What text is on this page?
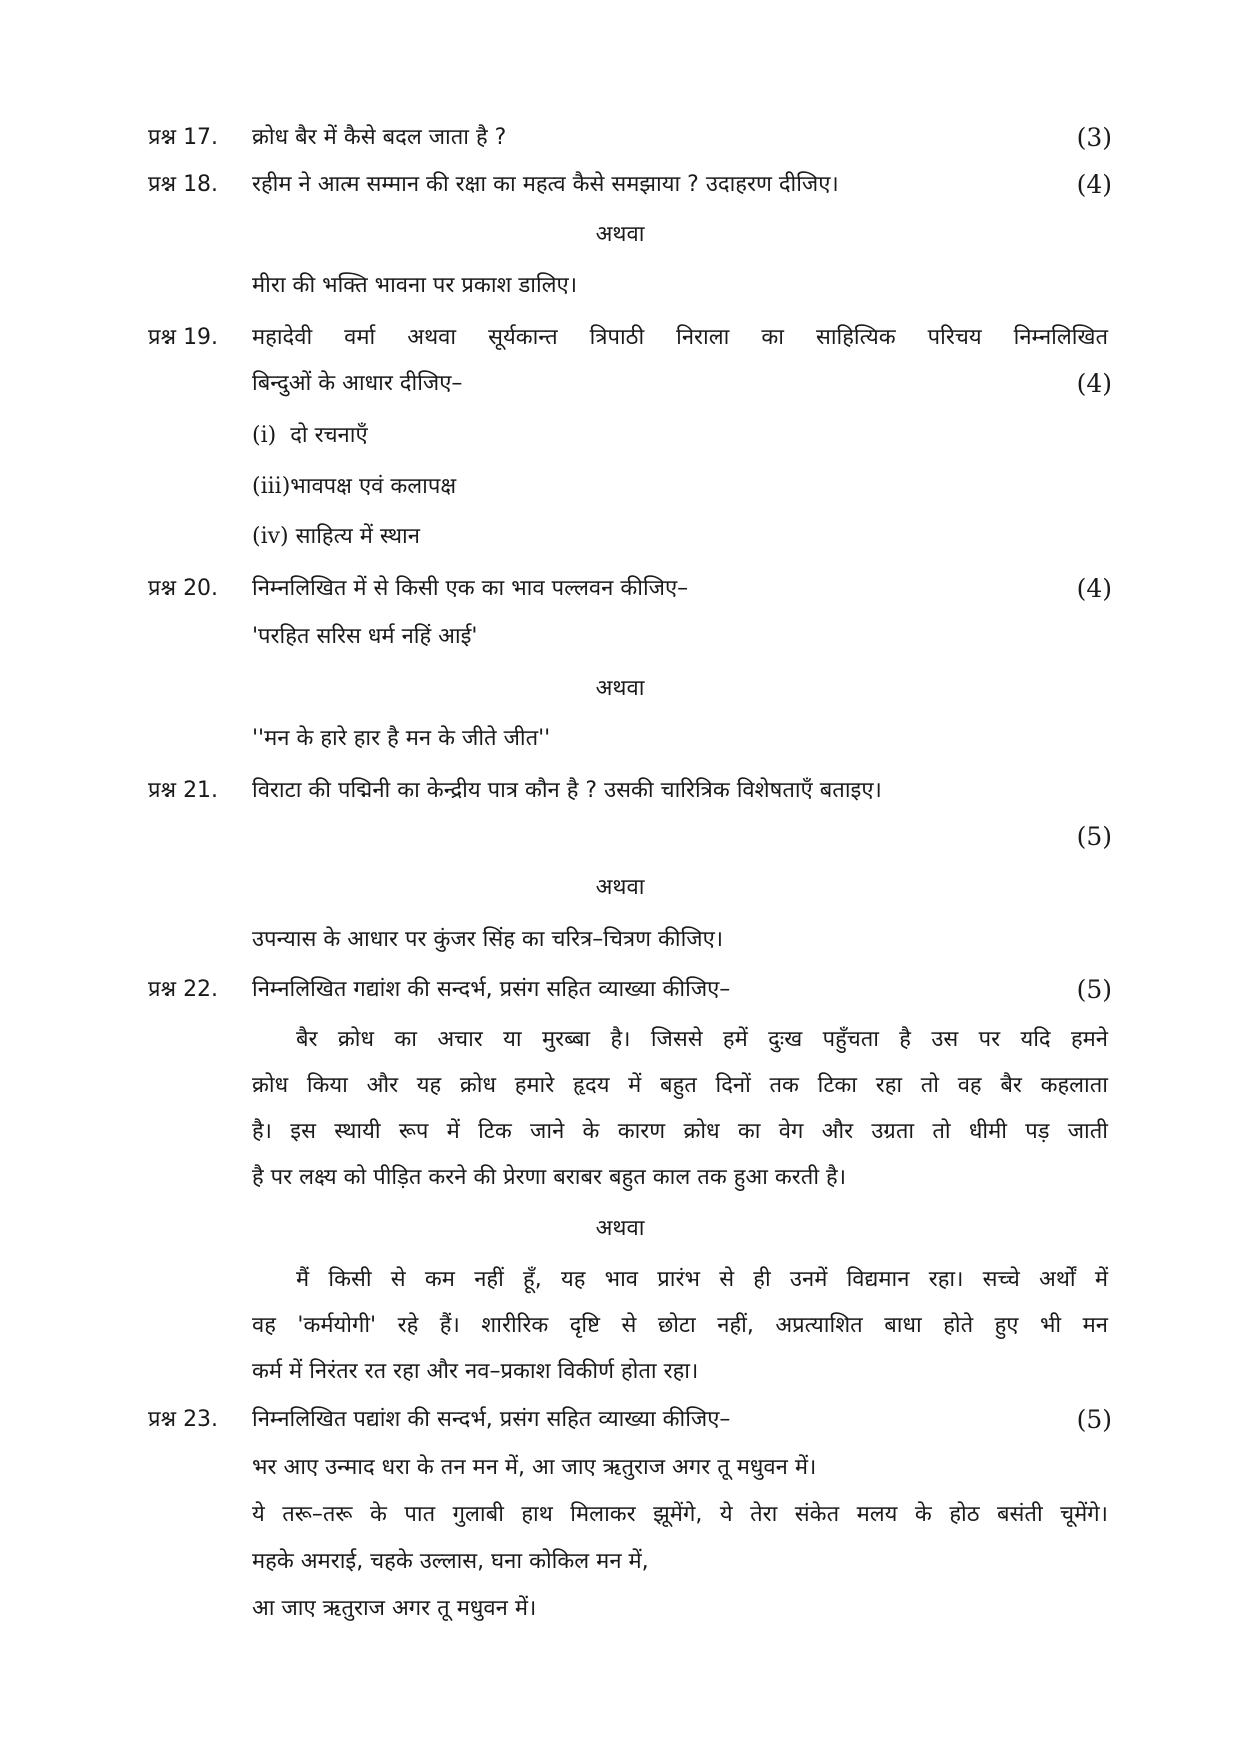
प्रश्न 17. क्रोध बैर में कैसे बदल जाता है ?	(3)
प्रश्न 18. रहीम ने आत्म सम्मान की रक्षा का महत्व कैसे समझाया ? उदाहरण दीजिए।	(4)
अथवा
मीरा की भक्ति भावना पर प्रकाश डालिए।
प्रश्न 19. महादेवी वर्मा अथवा सूर्यकान्त त्रिपाठी निराला का साहित्यिक परिचय निम्नलिखित
बिन्दुओं के आधार दीजिए–	(4)
(i) दो रचनाएँ
(iii)भावपक्ष एवं कलापक्ष
(iv) साहित्य में स्थान
प्रश्न 20. निम्नलिखित में से किसी एक का भाव पल्लवन कीजिए–	(4)
'परहित सरिस धर्म नहिं आई'
अथवा
''मन के हारे हार है मन के जीते जीत''
प्रश्न 21. विराटा की पद्मिनी का केन्द्रीय पात्र कौन है ? उसकी चारित्रिक विशेषताएँ बताइए।
(5)
अथवा
उपन्यास के आधार पर कुंजर सिंह का चरित्र–चित्रण कीजिए।
प्रश्न 22. निम्नलिखित गद्यांश की सन्दर्भ, प्रसंग सहित व्याख्या कीजिए–	(5)
बैर क्रोध का अचार या मुरब्बा है। जिससे हमें दुःख पहुँचता है उस पर यदि हमने
क्रोध किया और यह क्रोध हमारे हृदय में बहुत दिनों तक टिका रहा तो वह बैर कहलाता
है। इस स्थायी रूप में टिक जाने के कारण क्रोध का वेग और उग्रता तो धीमी पड़ जाती
है पर लक्ष्य को पीड़ित करने की प्रेरणा बराबर बहुत काल तक हुआ करती है।
अथवा
मैं किसी से कम नहीं हूँ, यह भाव प्रारंभ से ही उनमें विद्यमान रहा। सच्चे अर्थों में
वह 'कर्मयोगी' रहे हैं। शारीरिक दृष्टि से छोटा नहीं, अप्रत्याशित बाधा होते हुए भी मन
कर्म में निरंतर रत रहा और नव–प्रकाश विकीर्ण होता रहा।
प्रश्न 23. निम्नलिखित पद्यांश की सन्दर्भ, प्रसंग सहित व्याख्या कीजिए–	(5)
भर आए उन्माद धरा के तन मन में, आ जाए ऋतुराज अगर तू मधुवन में।
ये तरू–तरू के पात गुलाबी हाथ मिलाकर झूमेंगे, ये तेरा संकेत मलय के होठ बसंती चूमेंगे।
महके अमराई, चहके उल्लास, घना कोकिल मन में,
आ जाए ऋतुराज अगर तू मधुवन में।
